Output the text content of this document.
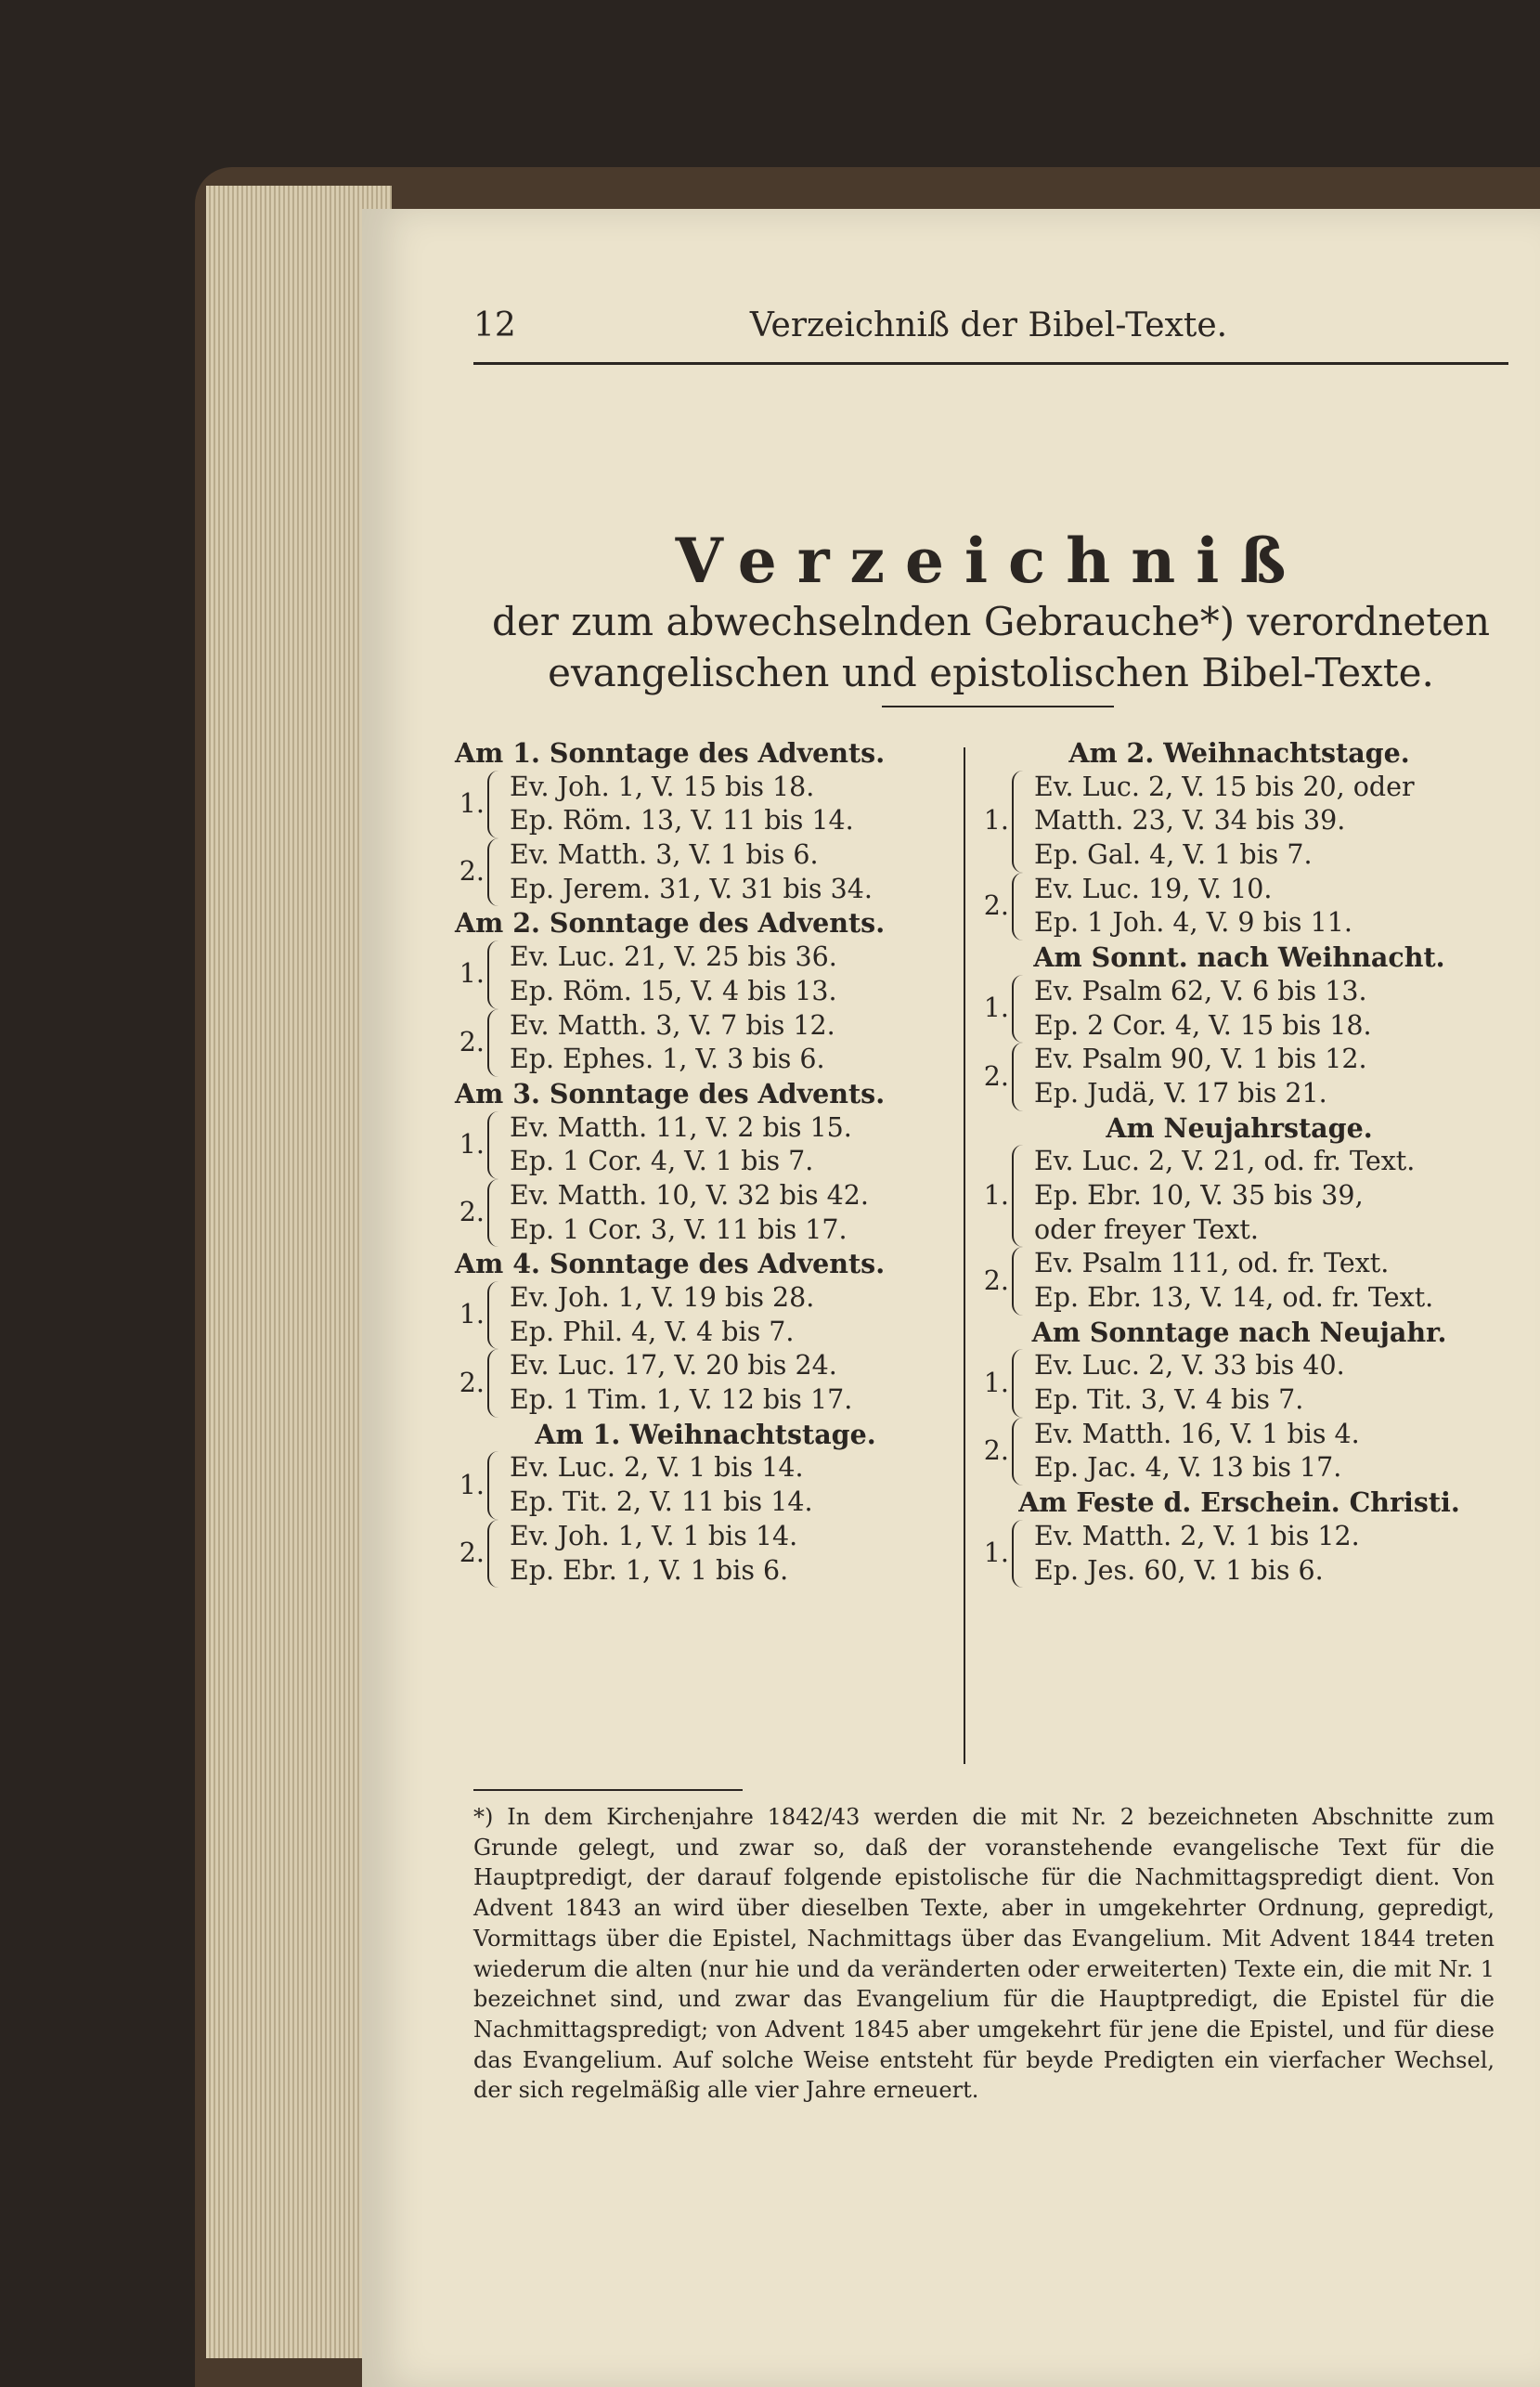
12	Verzeichniß der Bibel-Texte.
Verzeichniß
der zum abwechselnden Gebrauche*) verordneten
evangelischen und epistolischen Bibel-Texte.
Am 1. Sonntage des Advents.
1.
Ev. Joh. 1, V. 15 bis 18.
Ep. Röm. 13, V. 11 bis 14.
2.
Ev. Matth. 3, V. 1 bis 6.
Ep. Jerem. 31, V. 31 bis 34.
Am 2. Sonntage des Advents.
1.
Ev. Luc. 21, V. 25 bis 36.
Ep. Röm. 15, V. 4 bis 13.
2.
Ev. Matth. 3, V. 7 bis 12.
Ep. Ephes. 1, V. 3 bis 6.
Am 3. Sonntage des Advents.
1.
Ev. Matth. 11, V. 2 bis 15.
Ep. 1 Cor. 4, V. 1 bis 7.
2.
Ev. Matth. 10, V. 32 bis 42.
Ep. 1 Cor. 3, V. 11 bis 17.
Am 4. Sonntage des Advents.
1.
Ev. Joh. 1, V. 19 bis 28.
Ep. Phil. 4, V. 4 bis 7.
2.
Ev. Luc. 17, V. 20 bis 24.
Ep. 1 Tim. 1, V. 12 bis 17.
Am 1. Weihnachtstage.
1.
Ev. Luc. 2, V. 1 bis 14.
Ep. Tit. 2, V. 11 bis 14.
2.
Ev. Joh. 1, V. 1 bis 14.
Ep. Ebr. 1, V. 1 bis 6.
Am 2. Weihnachtstage.
1.
Ev. Luc. 2, V. 15 bis 20, oder
Matth. 23, V. 34 bis 39.
Ep. Gal. 4, V. 1 bis 7.
2.
Ev. Luc. 19, V. 10.
Ep. 1 Joh. 4, V. 9 bis 11.
Am Sonnt. nach Weihnacht.
1.
Ev. Psalm 62, V. 6 bis 13.
Ep. 2 Cor. 4, V. 15 bis 18.
2.
Ev. Psalm 90, V. 1 bis 12.
Ep. Judä, V. 17 bis 21.
Am Neujahrstage.
1.
Ev. Luc. 2, V. 21, od. fr. Text.
Ep. Ebr. 10, V. 35 bis 39,
oder freyer Text.
2.
Ev. Psalm 111, od. fr. Text.
Ep. Ebr. 13, V. 14, od. fr. Text.
Am Sonntage nach Neujahr.
1.
Ev. Luc. 2, V. 33 bis 40.
Ep. Tit. 3, V. 4 bis 7.
2.
Ev. Matth. 16, V. 1 bis 4.
Ep. Jac. 4, V. 13 bis 17.
Am Feste d. Erschein. Christi.
1.
Ev. Matth. 2, V. 1 bis 12.
Ep. Jes. 60, V. 1 bis 6.
*) In dem Kirchenjahre 1842/43 werden die mit Nr. 2 bezeichneten Abschnitte zum Grunde gelegt, und zwar so, daß der voranstehende evangelische Text für die Hauptpredigt, der darauf folgende epistolische für die Nachmittagspredigt dient. Von Advent 1843 an wird über dieselben Texte, aber in umgekehrter Ordnung, gepredigt, Vormittags über die Epistel, Nachmittags über das Evangelium. Mit Advent 1844 treten wiederum die alten (nur hie und da veränderten oder erweiterten) Texte ein, die mit Nr. 1 bezeichnet sind, und zwar das Evangelium für die Hauptpredigt, die Epistel für die Nachmittagspredigt; von Advent 1845 aber umgekehrt für jene die Epistel, und für diese das Evangelium. Auf solche Weise entsteht für beyde Predigten ein vierfacher Wechsel, der sich regelmäßig alle vier Jahre erneuert.
